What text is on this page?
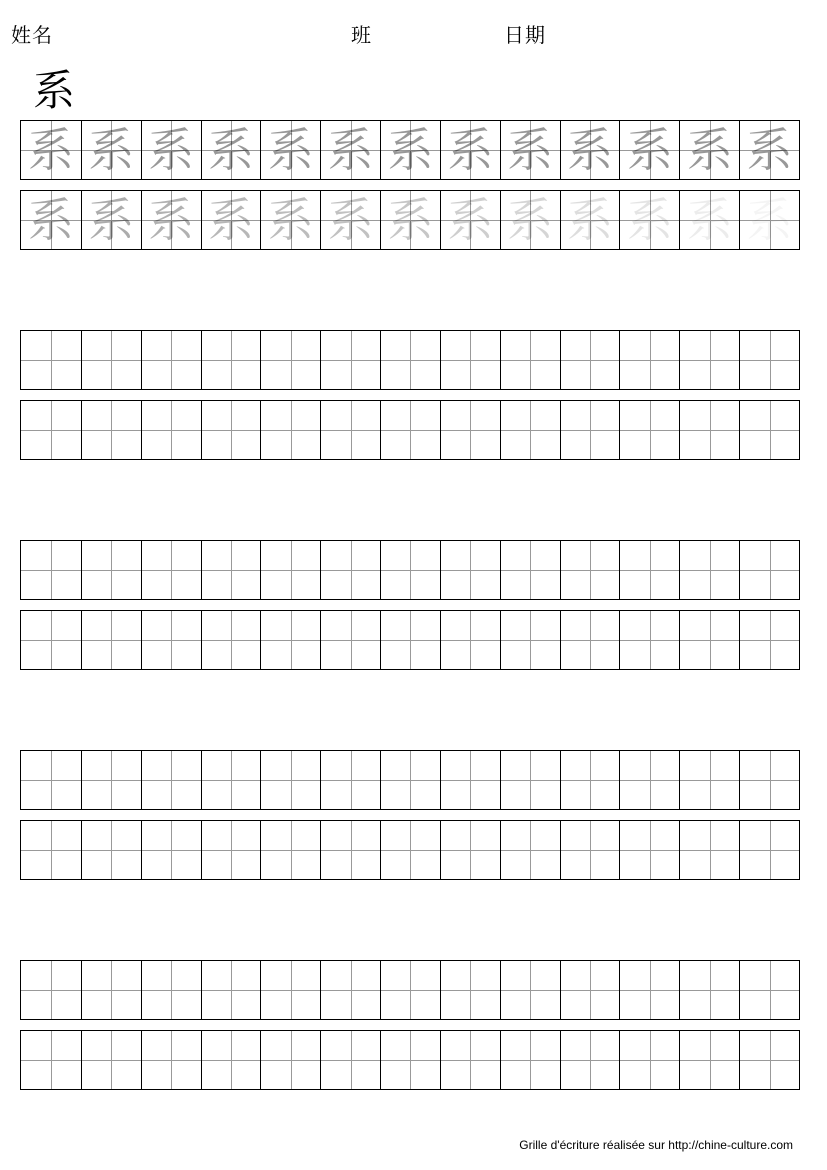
姓名	班	日期
系
系 系 系 系 系 系 系 系 系 系 系 系 系
系 系 系 系 系 系 系 系 系 系 系 系
Grille d'écriture réalisée sur http://chine-culture.com
